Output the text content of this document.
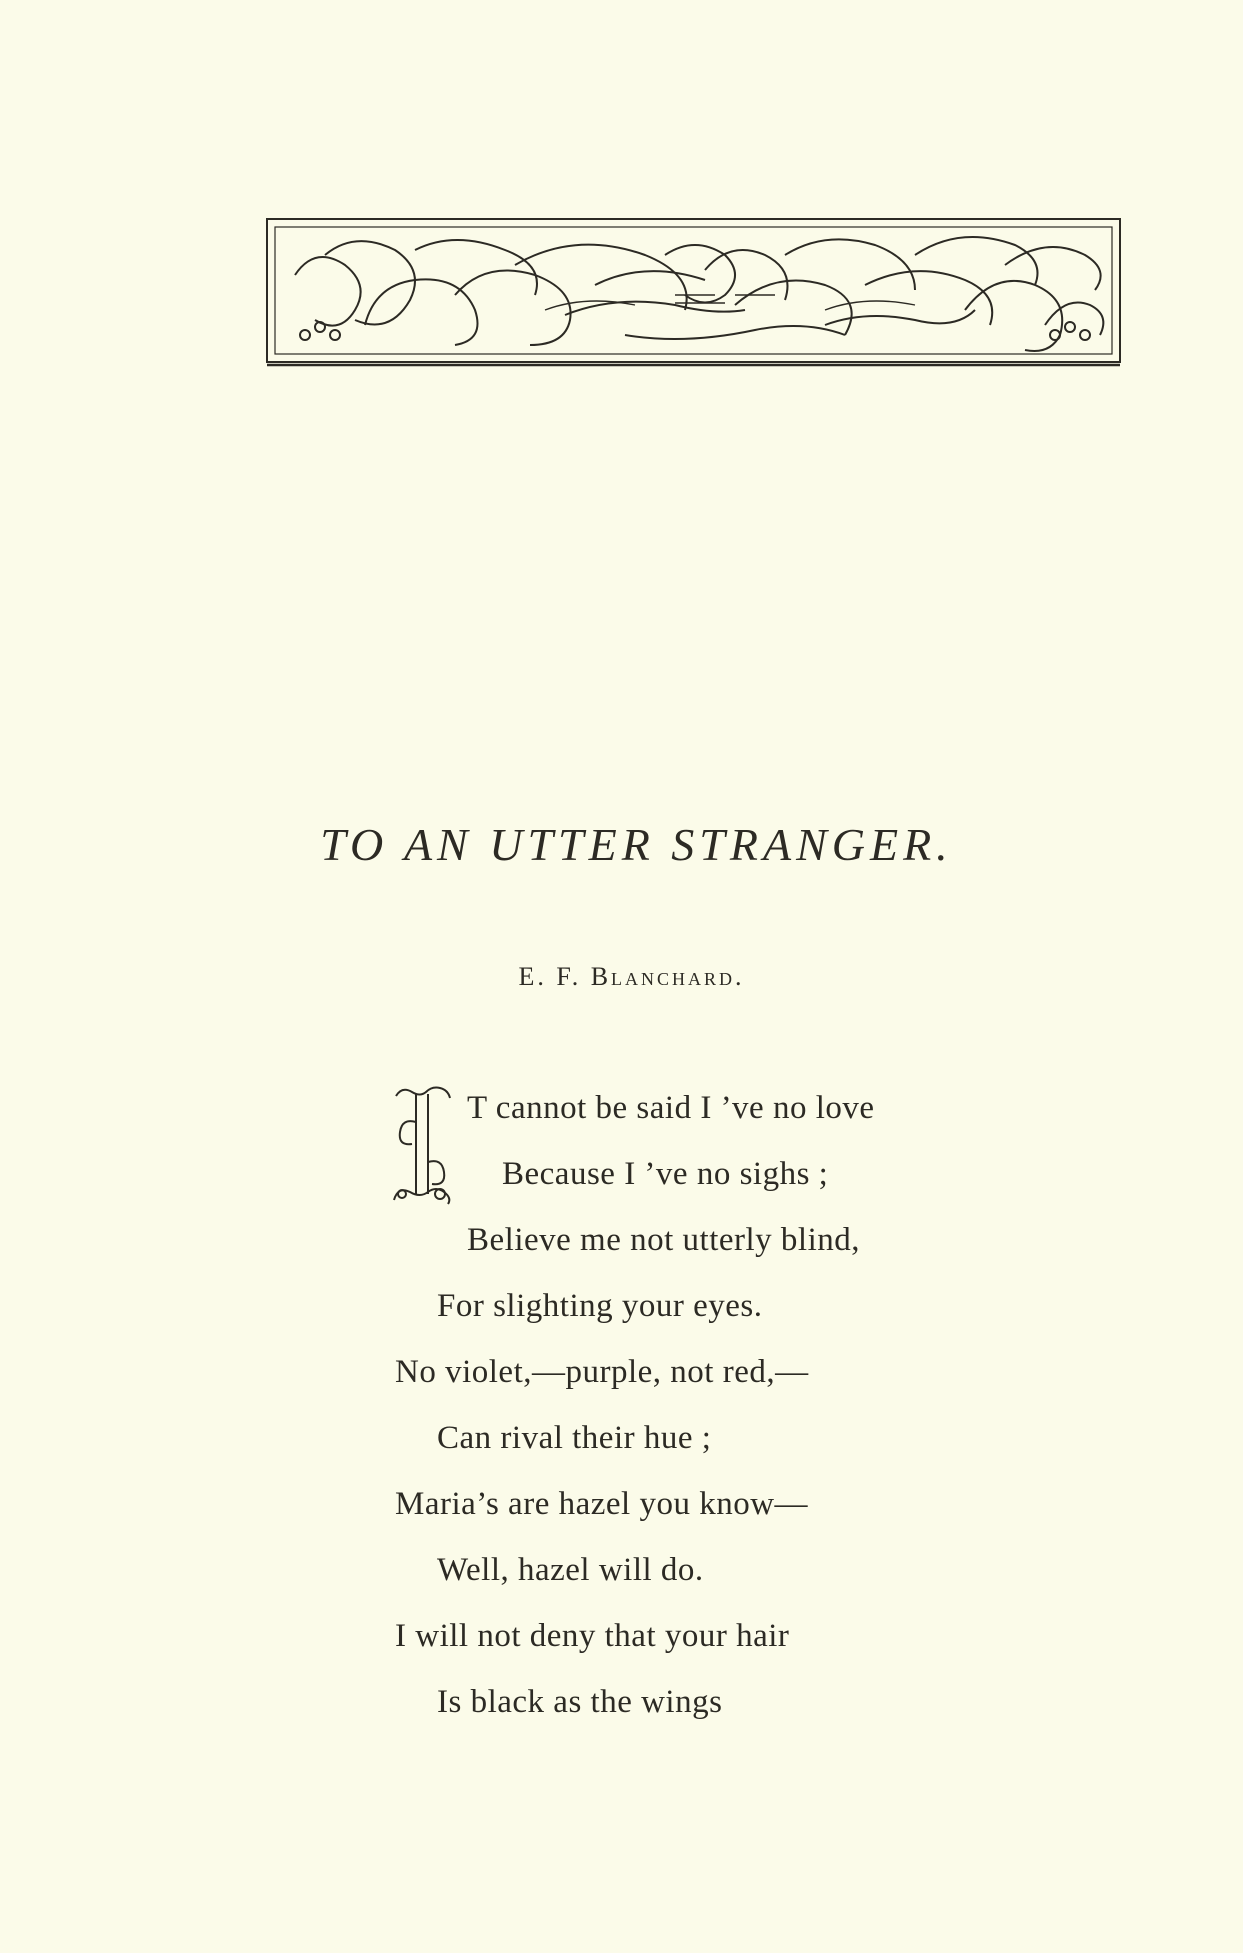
TO AN UTTER STRANGER.
E. F. Blanchard.
T cannot be said I ’ve no love
Because I ’ve no sighs ;
Believe me not utterly blind,
For slighting your eyes.
No violet,—purple, not red,—
Can rival their hue ;
Maria’s are hazel you know—
Well, hazel will do.
I will not deny that your hair
Is black as the wings
